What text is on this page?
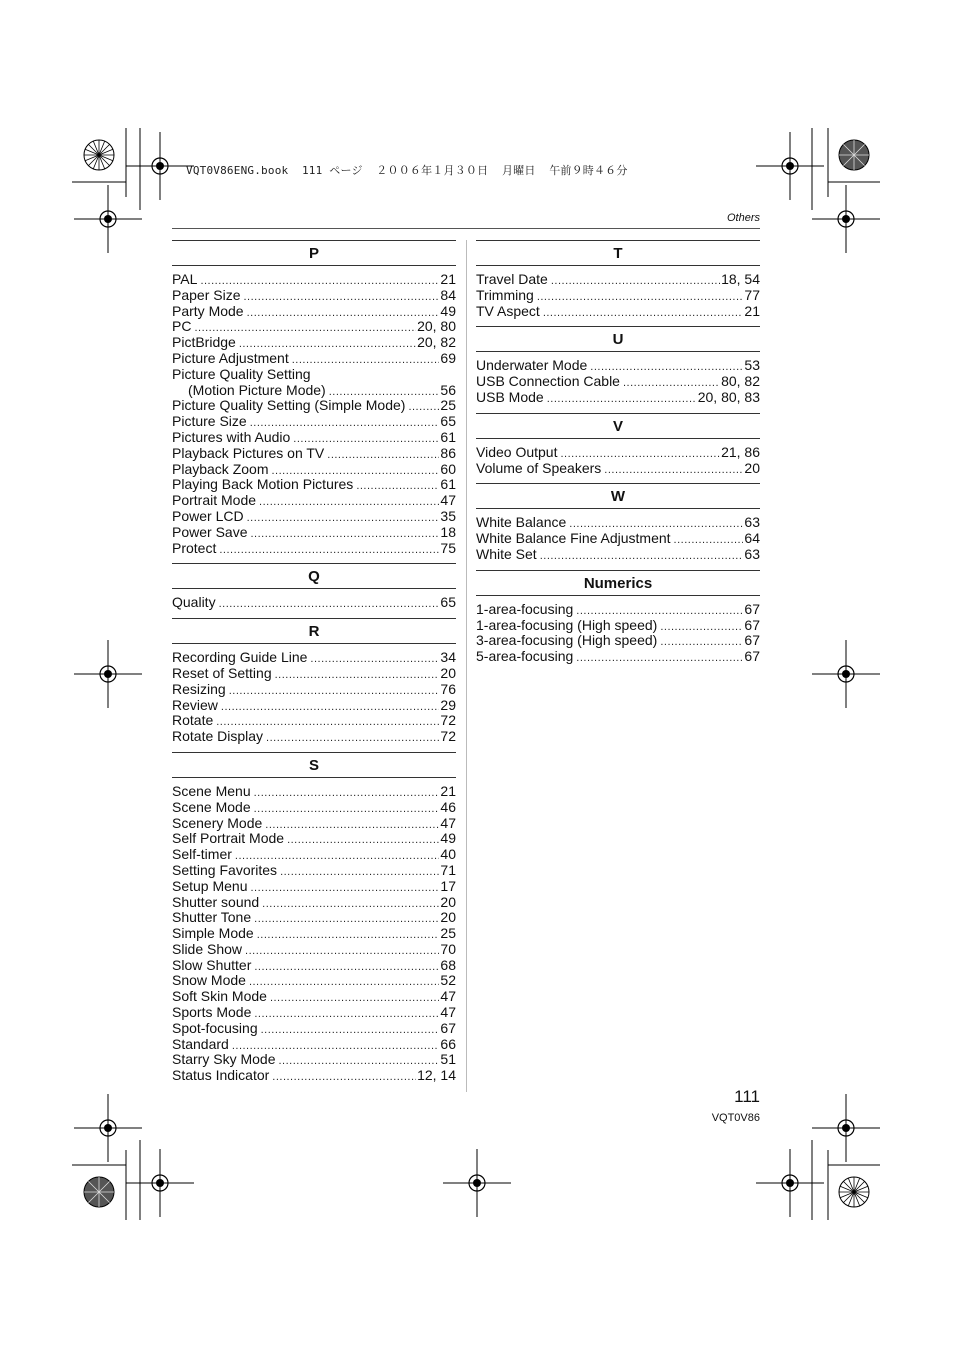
VQT0V86ENG.book  111 ページ  ２００６年１月３０日  月曜日  午前９時４６分
Others
P
PAL .....	21
Paper Size .....	84
Party Mode .....	49
PC .....	20, 80
PictBridge .....	20, 82
Picture Adjustment .....	69
Picture Quality Setting
(Motion Picture Mode) .....	56
Picture Quality Setting (Simple Mode) ..... 25
Picture Size .....	65
Pictures with Audio .....	61
Playback Pictures on TV .....	86
Playback Zoom .....	60
Playing Back Motion Pictures .....	61
Portrait Mode .....	47
Power LCD .....	35
Power Save .....	18
Protect .....	75
Q
Quality .....	65
R
Recording Guide Line .....	34
Reset of Setting .....	20
Resizing .....	76
Review .....	29
Rotate .....	72
Rotate Display .....	72
S
Scene Menu .....	21
Scene Mode .....	46
Scenery Mode .....	47
Self Portrait Mode .....	49
Self-timer .....	40
Setting Favorites .....	71
Setup Menu .....	17
Shutter sound .....	20
Shutter Tone .....	20
Simple Mode .....	25
Slide Show .....	70
Slow Shutter .....	68
Snow Mode .....	52
Soft Skin Mode .....	47
Sports Mode .....	47
Spot-focusing .....	67
Standard .....	66
Starry Sky Mode .....	51
Status Indicator .....	12, 14
T
Travel Date .....	18, 54
Trimming .....	77
TV Aspect .....	21
U
Underwater Mode .....	53
USB Connection Cable .....	80, 82
USB Mode .....	20, 80, 83
V
Video Output .....	21, 86
Volume of Speakers .....	20
W
White Balance .....	63
White Balance Fine Adjustment .....	64
White Set .....	63
Numerics
1-area-focusing .....	67
1-area-focusing (High speed) .....	67
3-area-focusing (High speed) .....	67
5-area-focusing .....	67
111
VQT0V86
